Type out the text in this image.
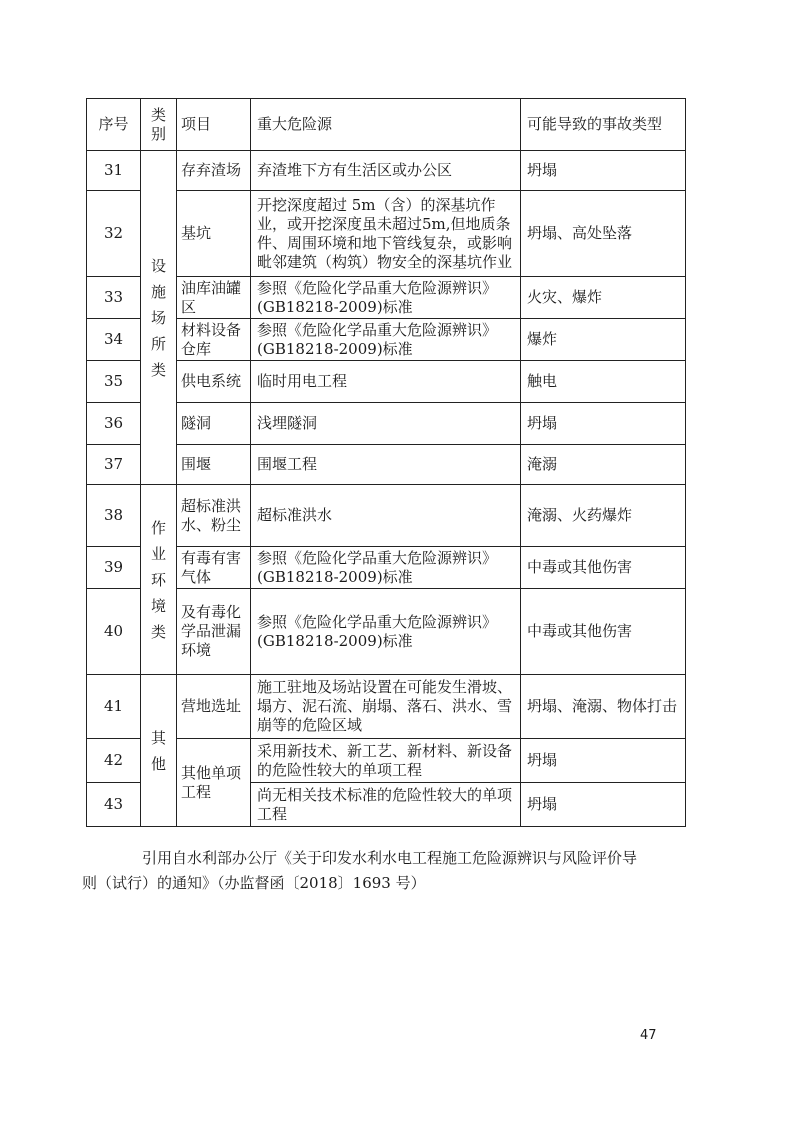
序号	类别	项目	重大危险源	可能导致的事故类型
31	设施场所类	存弃渣场	弃渣堆下方有生活区或办公区	坍塌
32		基坑	开挖深度超过 5m（含）的深基坑作业，或开挖深度虽未超过5m,但地质条件、周围环境和地下管线复杂，或影响毗邻建筑（构筑）物安全的深基坑作业	坍塌、高处坠落
33		油库油罐区	参照《危险化学品重大危险源辨识》(GB18218-2009)标准	火灾、爆炸
34		材料设备仓库	参照《危险化学品重大危险源辨识》(GB18218-2009)标准	爆炸
35		供电系统	临时用电工程	触电
36		隧洞	浅埋隧洞	坍塌
37		围堰	围堰工程	淹溺
38	作业环境类	超标准洪水、粉尘	超标准洪水	淹溺、火药爆炸
39		有毒有害气体	参照《危险化学品重大危险源辨识》(GB18218-2009)标准	中毒或其他伤害
40		及有毒化学品泄漏环境	参照《危险化学品重大危险源辨识》(GB18218-2009)标准	中毒或其他伤害
41	其他	营地选址	施工驻地及场站设置在可能发生滑坡、塌方、泥石流、崩塌、落石、洪水、雪崩等的危险区域	坍塌、淹溺、物体打击
42		其他单项工程	采用新技术、新工艺、新材料、新设备的危险性较大的单项工程	坍塌
43			尚无相关技术标准的危险性较大的单项工程	坍塌

引用自水利部办公厅《关于印发水利水电工程施工危险源辨识与风险评价导
则（试行）的通知》（办监督函〔2018〕1693 号）

47
